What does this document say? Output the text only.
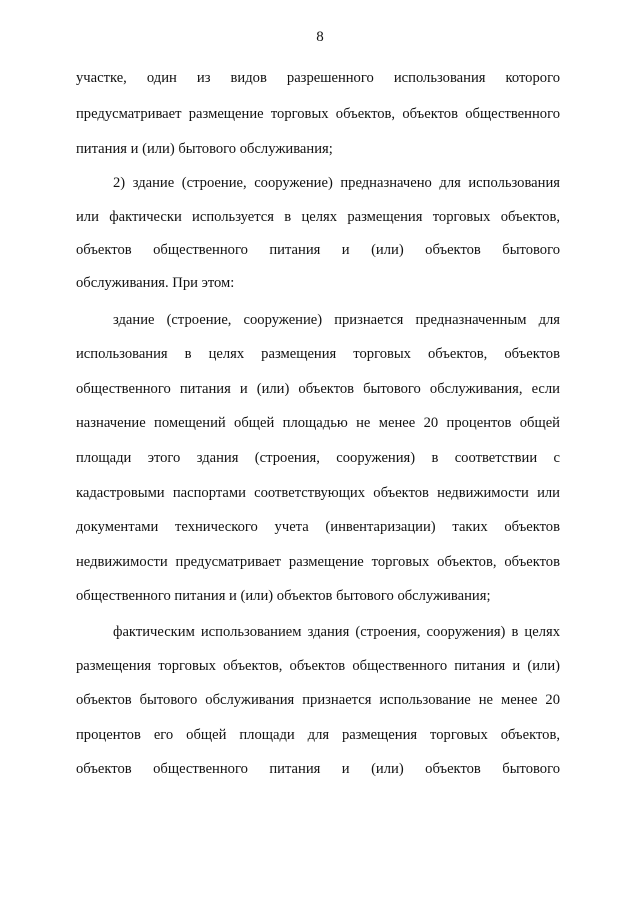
8
участке, один из видов разрешенного использования которого
предусматривает размещение торговых объектов, объектов общественного
питания и (или) бытового обслуживания;
2) здание (строение, сооружение) предназначено для использования
или фактически используется в целях размещения торговых объектов,
объектов общественного питания и (или) объектов бытового
обслуживания. При этом:
здание (строение, сооружение) признается предназначенным для
использования в целях размещения торговых объектов, объектов
общественного питания и (или) объектов бытового обслуживания, если
назначение помещений общей площадью не менее 20 процентов общей
площади этого здания (строения, сооружения) в соответствии с
кадастровыми паспортами соответствующих объектов недвижимости или
документами технического учета (инвентаризации) таких объектов
недвижимости предусматривает размещение торговых объектов, объектов
общественного питания и (или) объектов бытового обслуживания;
фактическим использованием здания (строения, сооружения) в целях
размещения торговых объектов, объектов общественного питания и (или)
объектов бытового обслуживания признается использование не менее 20
процентов его общей площади для размещения торговых объектов,
объектов общественного питания и (или) объектов бытового
